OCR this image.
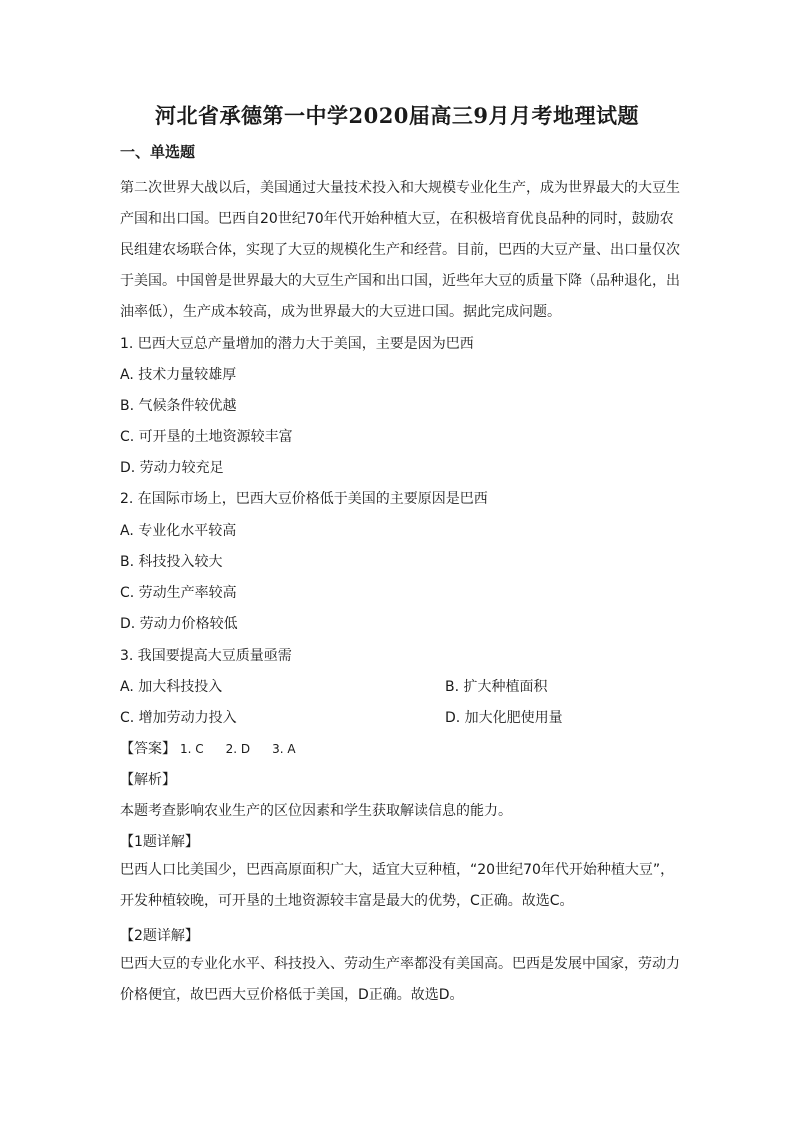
河北省承德第一中学2020届高三9月月考地理试题
一、单选题
第二次世界大战以后，美国通过大量技术投入和大规模专业化生产，成为世界最大的大豆生产国和出口国。巴西自20世纪70年代开始种植大豆，在积极培育优良品种的同时，鼓励农民组建农场联合体，实现了大豆的规模化生产和经营。目前，巴西的大豆产量、出口量仅次于美国。中国曾是世界最大的大豆生产国和出口国，近些年大豆的质量下降（品种退化，出油率低），生产成本较高，成为世界最大的大豆进口国。据此完成问题。
1. 巴西大豆总产量增加的潜力大于美国，主要是因为巴西
A. 技术力量较雄厚
B. 气候条件较优越
C. 可开垦的土地资源较丰富
D. 劳动力较充足
2. 在国际市场上，巴西大豆价格低于美国的主要原因是巴西
A. 专业化水平较高
B. 科技投入较大
C. 劳动生产率较高
D. 劳动力价格较低
3. 我国要提高大豆质量亟需
A. 加大科技投入	B. 扩大种植面积
C. 增加劳动力投入	D. 加大化肥使用量
【答案】 1. C 2. D 3. A
【解析】
本题考查影响农业生产的区位因素和学生获取解读信息的能力。
【1题详解】
巴西人口比美国少，巴西高原面积广大，适宜大豆种植，“20世纪70年代开始种植大豆”，开发种植较晚，可开垦的土地资源较丰富是最大的优势，C正确。故选C。
【2题详解】
巴西大豆的专业化水平、科技投入、劳动生产率都没有美国高。巴西是发展中国家，劳动力价格便宜，故巴西大豆价格低于美国，D正确。故选D。
